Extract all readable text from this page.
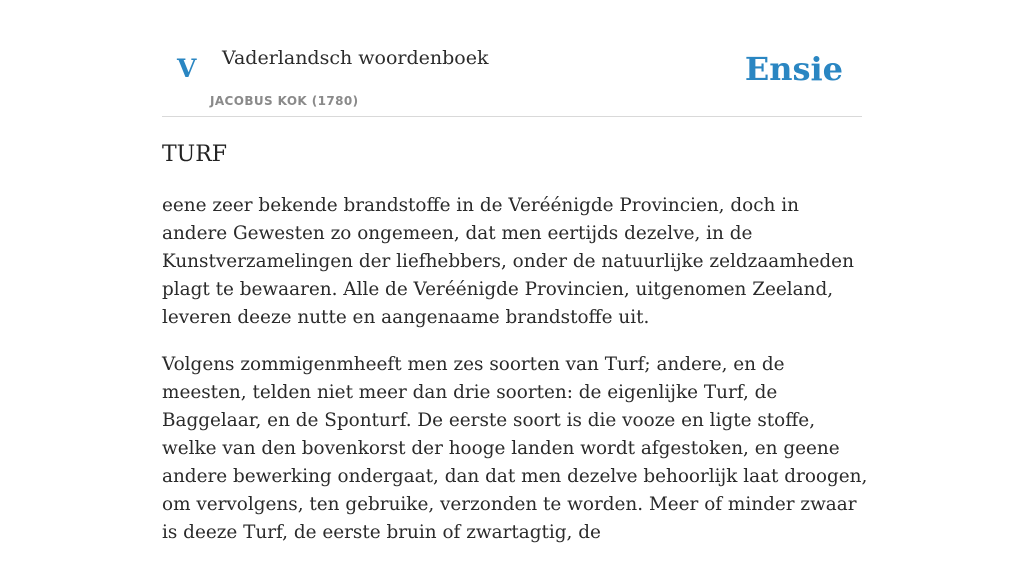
V Vaderlandsch woordenboek
JACOBUS KOK (1780)
Ensie
TURF

eene zeer bekende brandstoffe in de Veréénigde Provincien, doch in andere Gewesten zo ongemeen, dat men eertijds dezelve, in de Kunstverzamelingen der liefhebbers, onder de natuurlijke zeldzaamheden plagt te bewaaren. Alle de Veréénigde Provincien, uitgenomen Zeeland, leveren deeze nutte en aangenaame brandstoffe uit.

Volgens zommigenmheeft men zes soorten van Turf; andere, en de meesten, telden niet meer dan drie soorten: de eigenlijke Turf, de Baggelaar, en de Sponturf. De eerste soort is die vooze en ligte stoffe, welke van den bovenkorst der hooge landen wordt afgestoken, en geene andere bewerking ondergaat, dan dat men dezelve behoorlijk laat droogen, om vervolgens, ten gebruike, verzonden te worden. Meer of minder zwaar is deeze Turf, de eerste bruin of zwartagtig, de
